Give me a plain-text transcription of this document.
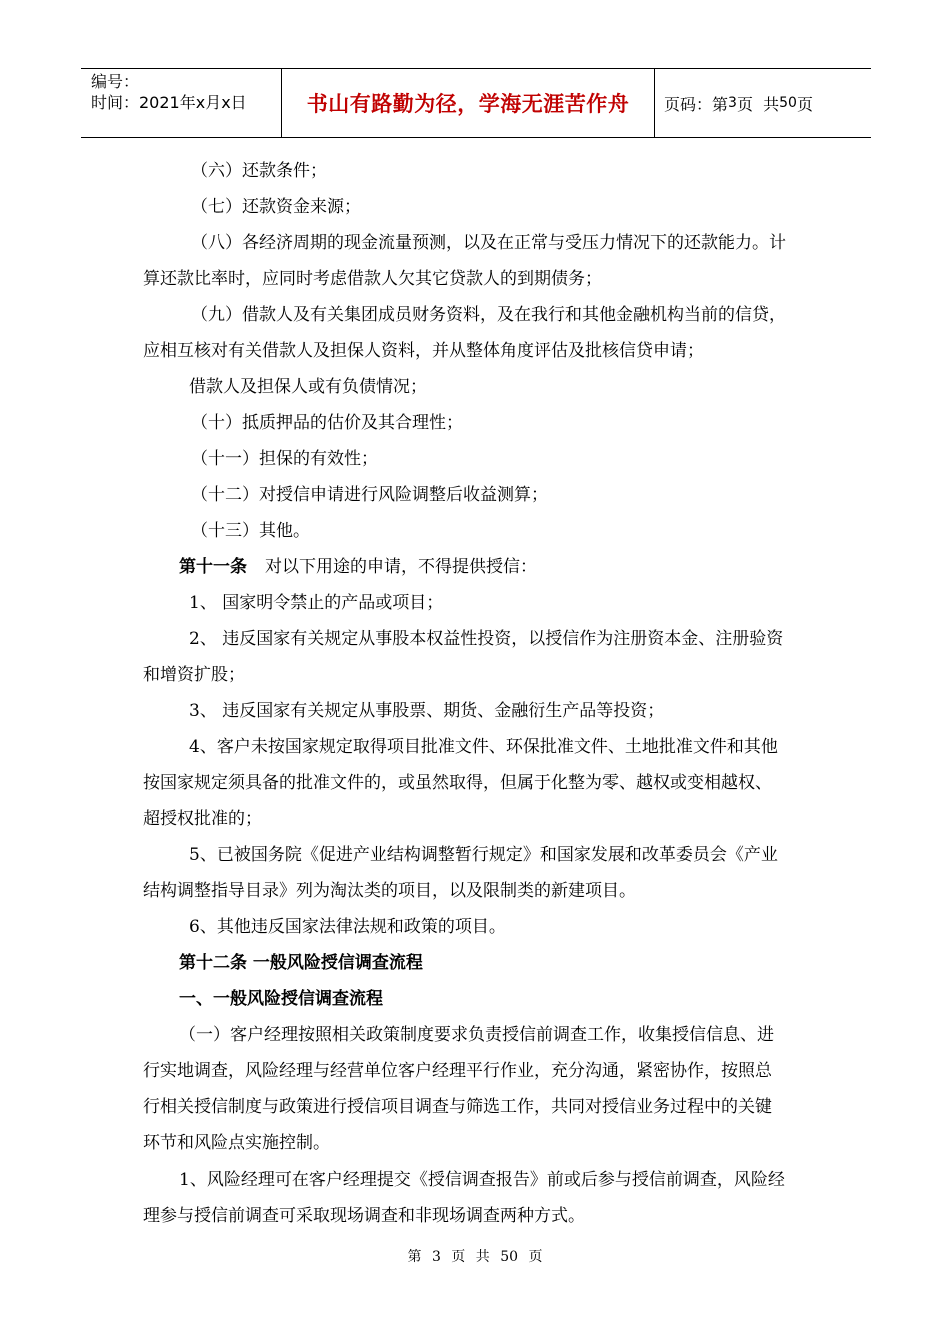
编号：
时间：2021年x月x日	书山有路勤为径，学海无涯苦作舟	页码：第 3 页  共 50 页
（六）还款条件；
（七）还款资金来源；
（八）各经济周期的现金流量预测，以及在正常与受压力情况下的还款能力。计
算还款比率时，应同时考虑借款人欠其它贷款人的到期债务；
（九）借款人及有关集团成员财务资料，及在我行和其他金融机构当前的信贷，
应相互核对有关借款人及担保人资料，并从整体角度评估及批核信贷申请；
借款人及担保人或有负债情况；
（十）抵质押品的估价及其合理性；
（十一）担保的有效性；
（十二）对授信申请进行风险调整后收益测算；
（十三）其他。
第十一条 对以下用途的申请，不得提供授信：
1、 国家明令禁止的产品或项目；
2、 违反国家有关规定从事股本权益性投资，以授信作为注册资本金、注册验资
和增资扩股；
3、 违反国家有关规定从事股票、期货、金融衍生产品等投资；
4、客户未按国家规定取得项目批准文件、环保批准文件、土地批准文件和其他
按国家规定须具备的批准文件的，或虽然取得，但属于化整为零、越权或变相越权、
超授权批准的；
5、已被国务院《促进产业结构调整暂行规定》和国家发展和改革委员会《产业
结构调整指导目录》列为淘汰类的项目，以及限制类的新建项目。
6、其他违反国家法律法规和政策的项目。
第十二条 一般风险授信调查流程
一、一般风险授信调查流程
（一）客户经理按照相关政策制度要求负责授信前调查工作，收集授信信息、进
行实地调查，风险经理与经营单位客户经理平行作业，充分沟通，紧密协作，按照总
行相关授信制度与政策进行授信项目调查与筛选工作，共同对授信业务过程中的关键
环节和风险点实施控制。
1、风险经理可在客户经理提交《授信调查报告》前或后参与授信前调查，风险经
理参与授信前调查可采取现场调查和非现场调查两种方式。
第 3 页 共 50 页
